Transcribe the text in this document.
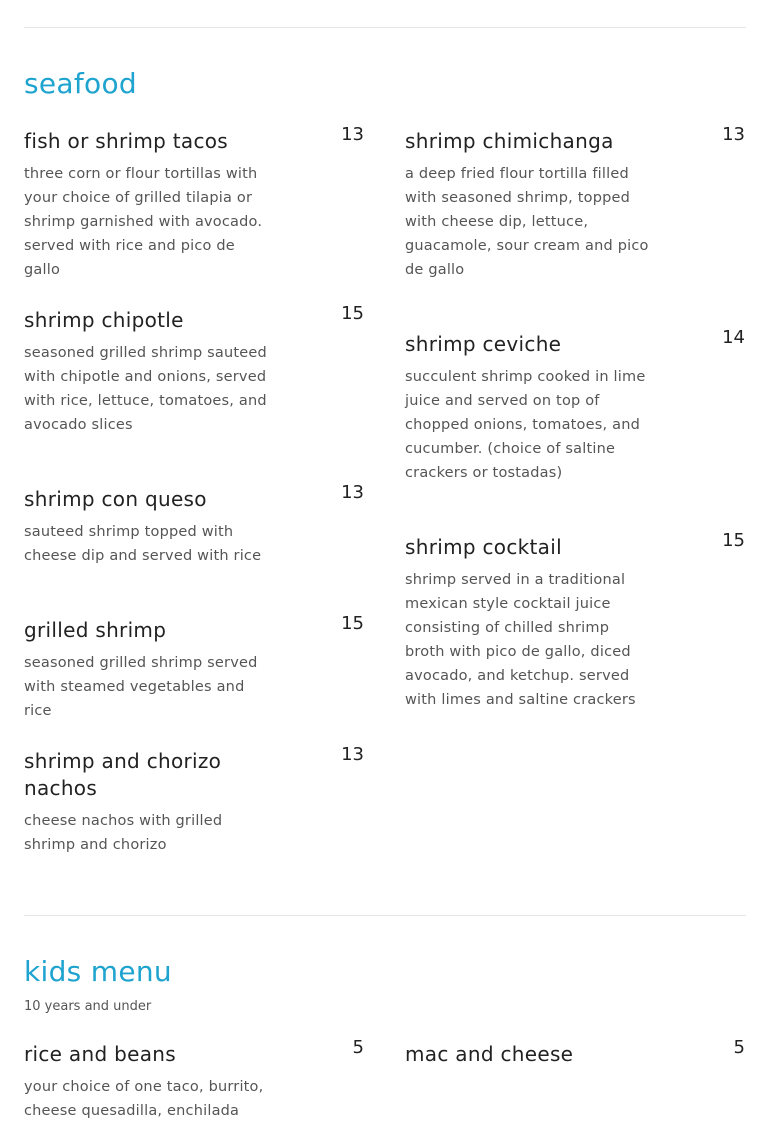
seafood
fish or shrimp tacos	13
three corn or flour tortillas with your choice of grilled tilapia or shrimp garnished with avocado. served with rice and pico de gallo
shrimp chipotle	15
seasoned grilled shrimp sauteed with chipotle and onions, served with rice, lettuce, tomatoes, and avocado slices
shrimp con queso	13
sauteed shrimp topped with cheese dip and served with rice
grilled shrimp	15
seasoned grilled shrimp served with steamed vegetables and rice
shrimp and chorizo nachos
13
cheese nachos with grilled shrimp and chorizo
shrimp chimichanga	13
a deep fried flour tortilla filled with seasoned shrimp, topped with cheese dip, lettuce, guacamole, sour cream and pico de gallo
shrimp ceviche	14
succulent shrimp cooked in lime juice and served on top of chopped onions, tomatoes, and cucumber. (choice of saltine crackers or tostadas)
shrimp cocktail	15
shrimp served in a traditional mexican style cocktail juice consisting of chilled shrimp broth with pico de gallo, diced avocado, and ketchup. served with limes and saltine crackers
kids menu
10 years and under
rice and beans	5
your choice of one taco, burrito, cheese quesadilla, enchilada
mac and cheese	5
